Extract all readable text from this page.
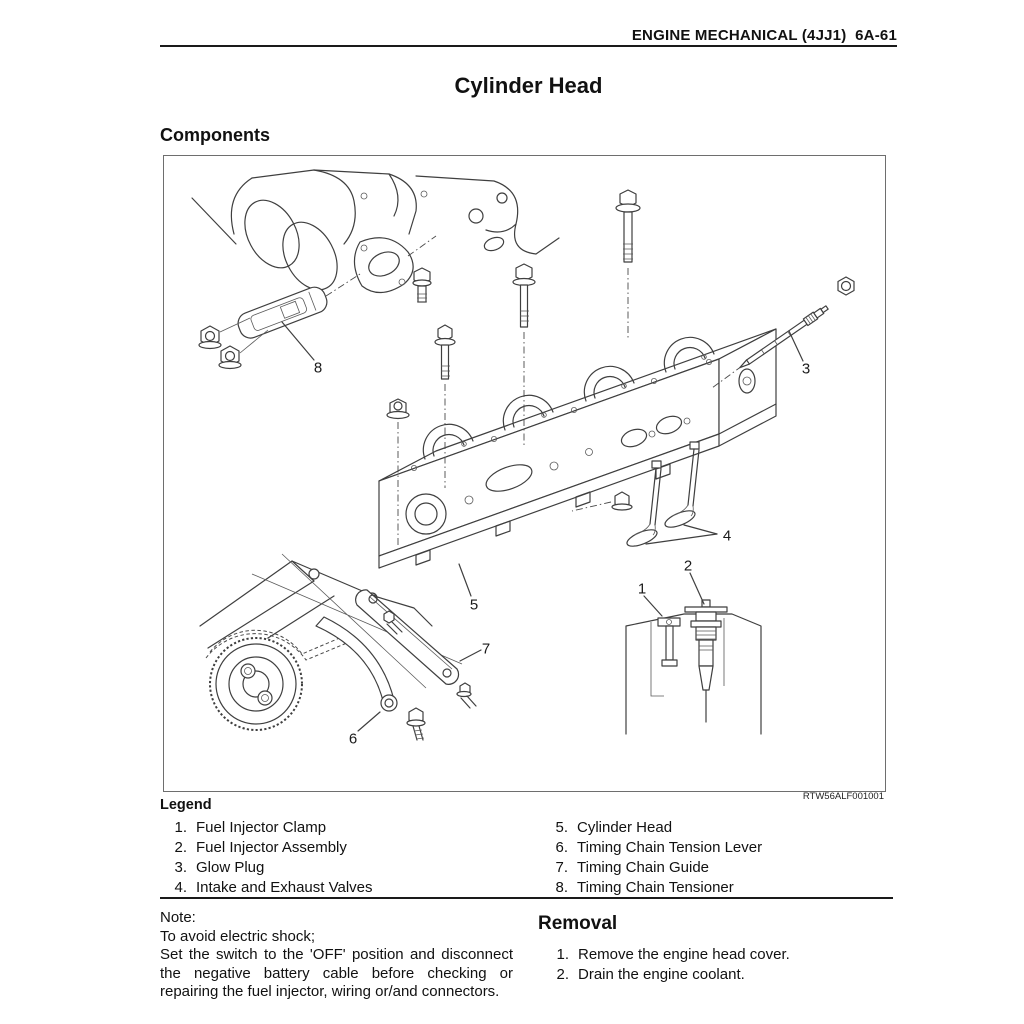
ENGINE MECHANICAL (4JJ1)  6A-61
Cylinder Head
Components
1
2
3
4
5
6
7
8
RTW56ALF001001
Legend
1. Fuel Injector Clamp
2. Fuel Injector Assembly
3. Glow Plug
4. Intake and Exhaust Valves
5. Cylinder Head
6. Timing Chain Tension Lever
7. Timing Chain Guide
8. Timing Chain Tensioner
Note:
To avoid electric shock;
Set the switch to the 'OFF' position and disconnect the negative battery cable before checking or repairing the fuel injector, wiring or/and connectors.
Removal
1. Remove the engine head cover.
2. Drain the engine coolant.
